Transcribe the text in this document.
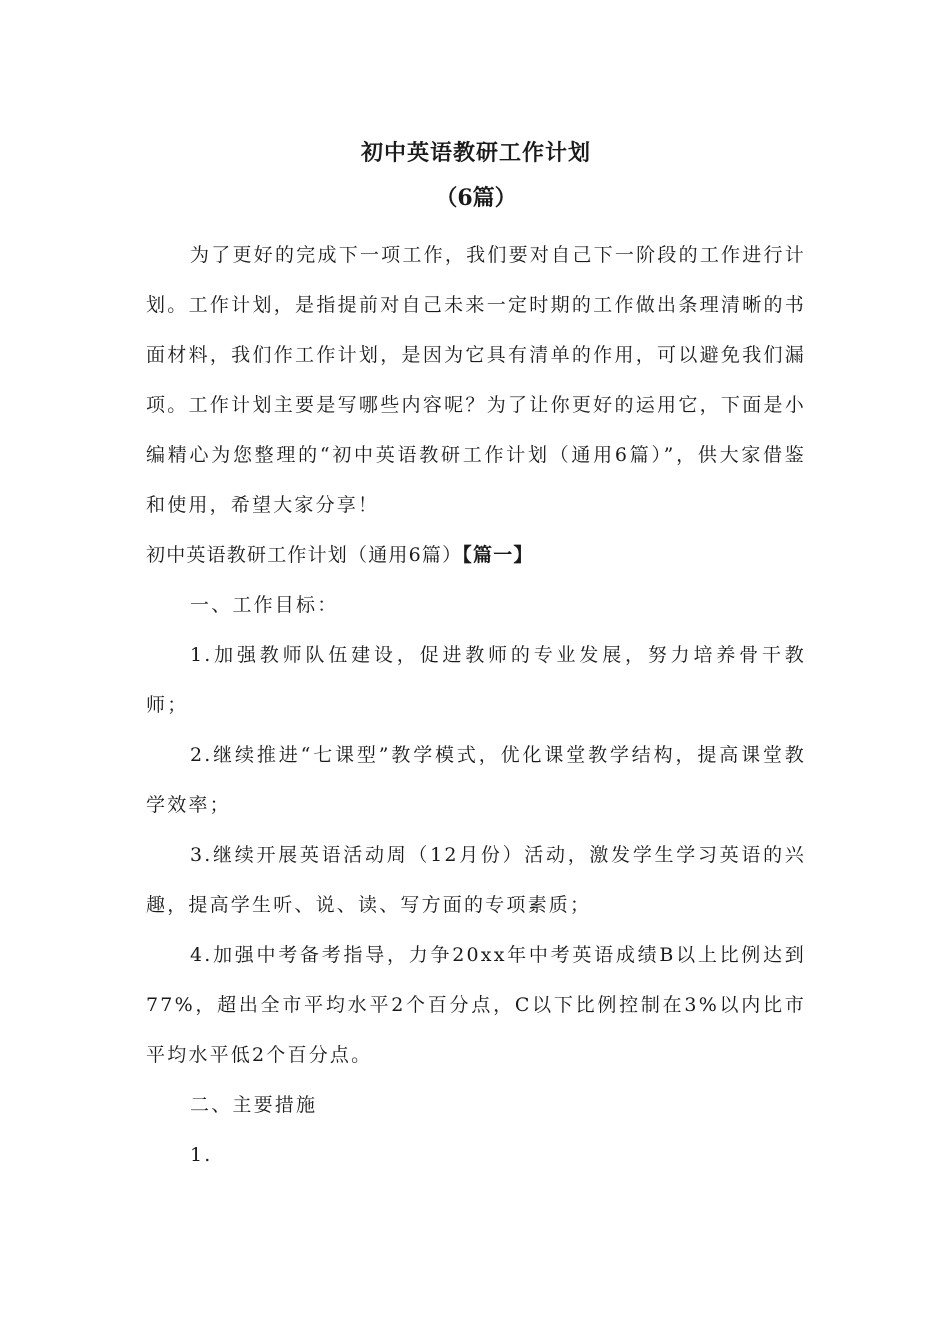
初中英语教研工作计划
（6篇）

为了更好的完成下一项工作，我们要对自己下一阶段的工作进行计划。工作计划，是指提前对自己未来一定时期的工作做出条理清晰的书面材料，我们作工作计划，是因为它具有清单的作用，可以避免我们漏项。工作计划主要是写哪些内容呢？为了让你更好的运用它，下面是小编精心为您整理的“初中英语教研工作计划（通用6篇）”，供大家借鉴和使用，希望大家分享！

初中英语教研工作计划（通用6篇）【篇一】

一、工作目标：

1.加强教师队伍建设，促进教师的专业发展，努力培养骨干教师；

2.继续推进“七课型”教学模式，优化课堂教学结构，提高课堂教学效率；

3.继续开展英语活动周（12月份）活动，激发学生学习英语的兴趣，提高学生听、说、读、写方面的专项素质；

4.加强中考备考指导，力争20xx年中考英语成绩B以上比例达到77%，超出全市平均水平2个百分点，C以下比例控制在3%以内比市平均水平低2个百分点。

二、主要措施

1.
